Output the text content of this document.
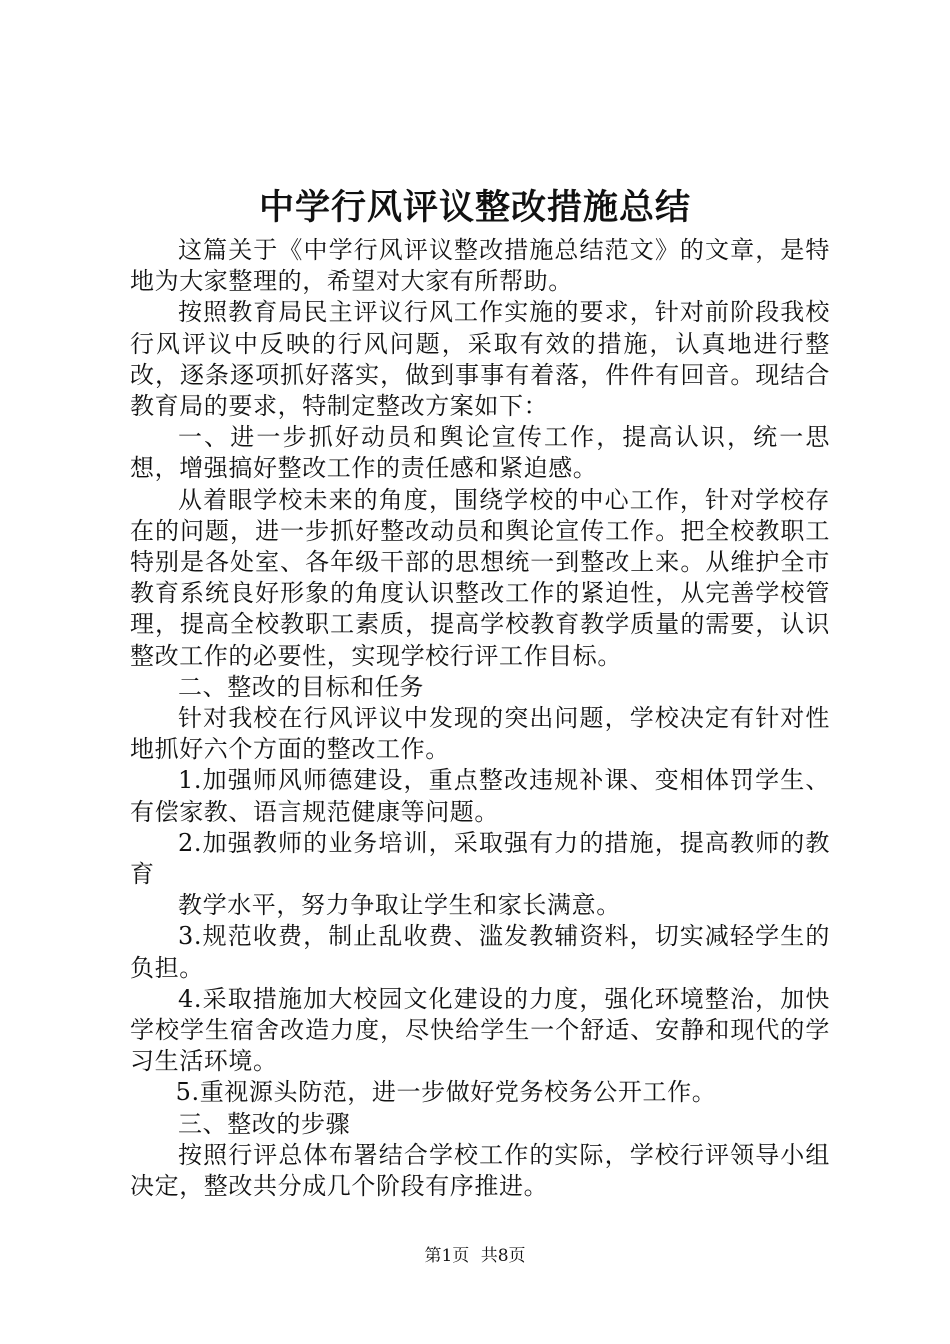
中学行风评议整改措施总结

这篇关于《中学行风评议整改措施总结范文》的文章，是特地为大家整理的，希望对大家有所帮助。

按照教育局民主评议行风工作实施的要求，针对前阶段我校行风评议中反映的行风问题，采取有效的措施，认真地进行整改，逐条逐项抓好落实，做到事事有着落，件件有回音。现结合教育局的要求，特制定整改方案如下：

一、进一步抓好动员和舆论宣传工作，提高认识，统一思想，增强搞好整改工作的责任感和紧迫感。

从着眼学校未来的角度，围绕学校的中心工作，针对学校存在的问题，进一步抓好整改动员和舆论宣传工作。把全校教职工特别是各处室、各年级干部的思想统一到整改上来。从维护全市教育系统良好形象的角度认识整改工作的紧迫性，从完善学校管理，提高全校教职工素质，提高学校教育教学质量的需要，认识整改工作的必要性，实现学校行评工作目标。

二、整改的目标和任务

针对我校在行风评议中发现的突出问题，学校决定有针对性地抓好六个方面的整改工作。

1.加强师风师德建设，重点整改违规补课、变相体罚学生、有偿家教、语言规范健康等问题。

2.加强教师的业务培训，采取强有力的措施，提高教师的教育

教学水平，努力争取让学生和家长满意。

3.规范收费，制止乱收费、滥发教辅资料，切实减轻学生的负担。

4.采取措施加大校园文化建设的力度，强化环境整治，加快学校学生宿舍改造力度，尽快给学生一个舒适、安静和现代的学习生活环境。

5.重视源头防范，进一步做好党务校务公开工作。

三、整改的步骤

按照行评总体布署结合学校工作的实际，学校行评领导小组决定，整改共分成几个阶段有序推进。

第1页 共8页
